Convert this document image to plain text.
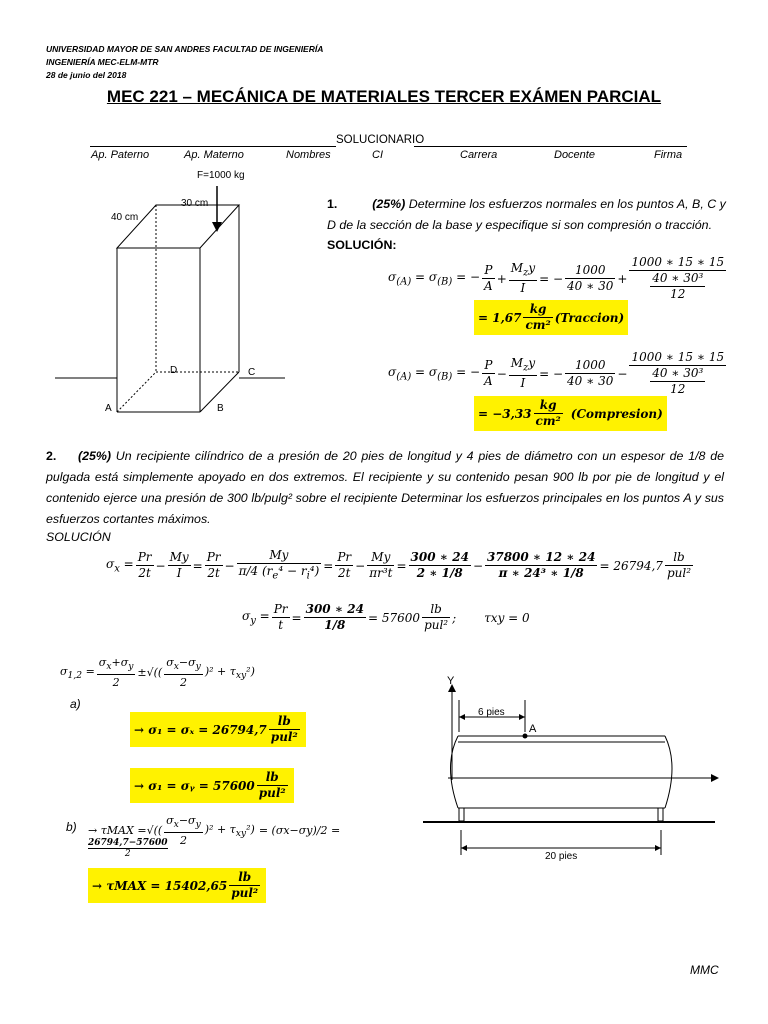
UNIVERSIDAD MAYOR DE SAN ANDRES FACULTAD DE INGENIERÍA
INGENIERÍA MEC-ELM-MTR
28 de junio del 2018
MEC 221 – MECÁNICA DE MATERIALES TERCER EXÁMEN PARCIAL
SOLUCIONARIO
Ap. Paterno	Ap. Materno	Nombres	CI	Carrera	Docente	Firma
F=1000 kg
30 cm
40 cm
A	B
C
D
1.	(25%) Determine los esfuerzos normales en los puntos A, B, C y D de la sección de la base y especifique si son compresión o tracción.
SOLUCIÓN:
$\sigma_{(A)} = \sigma_{(B)}$ = − $\frac{P}{A} + \frac{M_zy}{I}$ = − $\frac{1000}{40 ∗ 30} + \frac{1000 ∗ 15 ∗ 15}{\frac{\text{40 ∗ 30³}}{12}}$
= $1,67 \frac{kg}{\text{cm²}}$ (Traccion)
$\sigma_{(A)} = \sigma_{(B)}$ = − $\frac{P}{A} - \frac{M_zy}{I}$ = − $\frac{1000}{40 ∗ 30} - \frac{1000 ∗ 15 ∗ 15}{\frac{\text{40 ∗ 30³}}{12}}$
= $-3,33 \frac{kg}{\text{cm²}}$ (Compresion)
2. (25%) Un recipiente cilíndrico de a presión de 20 pies de longitud y 4 pies de diámetro con un espesor de 1/8 de pulgada está simplemente apoyado en dos extremos. El recipiente y su contenido pesan 900 lb por pie de longitud y el contenido ejerce una presión de 300 lb/pulg² sobre el recipiente Determinar los esfuerzos principales en los puntos A y sus esfuerzos cortantes máximos.
SOLUCIÓN
$\sigma_x = \frac{Pr}{2t} - \frac{My}{I} = \frac{Pr}{2t} - \frac{My}{\pi/4 (r_e^4 - r_i^4)} = \frac{Pr}{2t} - \frac{My}{\text{πr³t}} = \frac{300 ∗ 24}{2 ∗ 1/8} - \frac{37800 ∗ 12 ∗ 24}{\text{π ∗ 24³ ∗ 1/8}} = 26794,7 \frac{lb}{\text{pul²}}$
$\sigma_y = \frac{Pr}{t} = \frac{300 ∗ 24}{1/8} = 57600 \frac{lb}{\text{pul²}}$ ; τxy = 0
$\sigma_{1,2} = \frac{\sigma_x+\sigma_y}{2}$ ± √(( $\frac{\sigma_x-\sigma_y}{2} )^2 + \tau_{xy}^2$)
a)
→ $\sigma_1 = \sigma_x = 26794,7 \frac{lb}{\text{pul²}}$
→ σ₁ = σᵧ = $57600 \frac{lb}{\text{pul²}}$
b) → τMAX = √(( $\frac{\sigma_x-\sigma_y}{2} )^2 + \tau_{xy}^2) = (\sigma x-\sigma y)/2$ =
$\frac{26794,7-57600}{2}$
→ $\tau MAX = 15402,65 \frac{lb}{\text{pul²}}$
Y
6 pies
A
20 pies
MMC
